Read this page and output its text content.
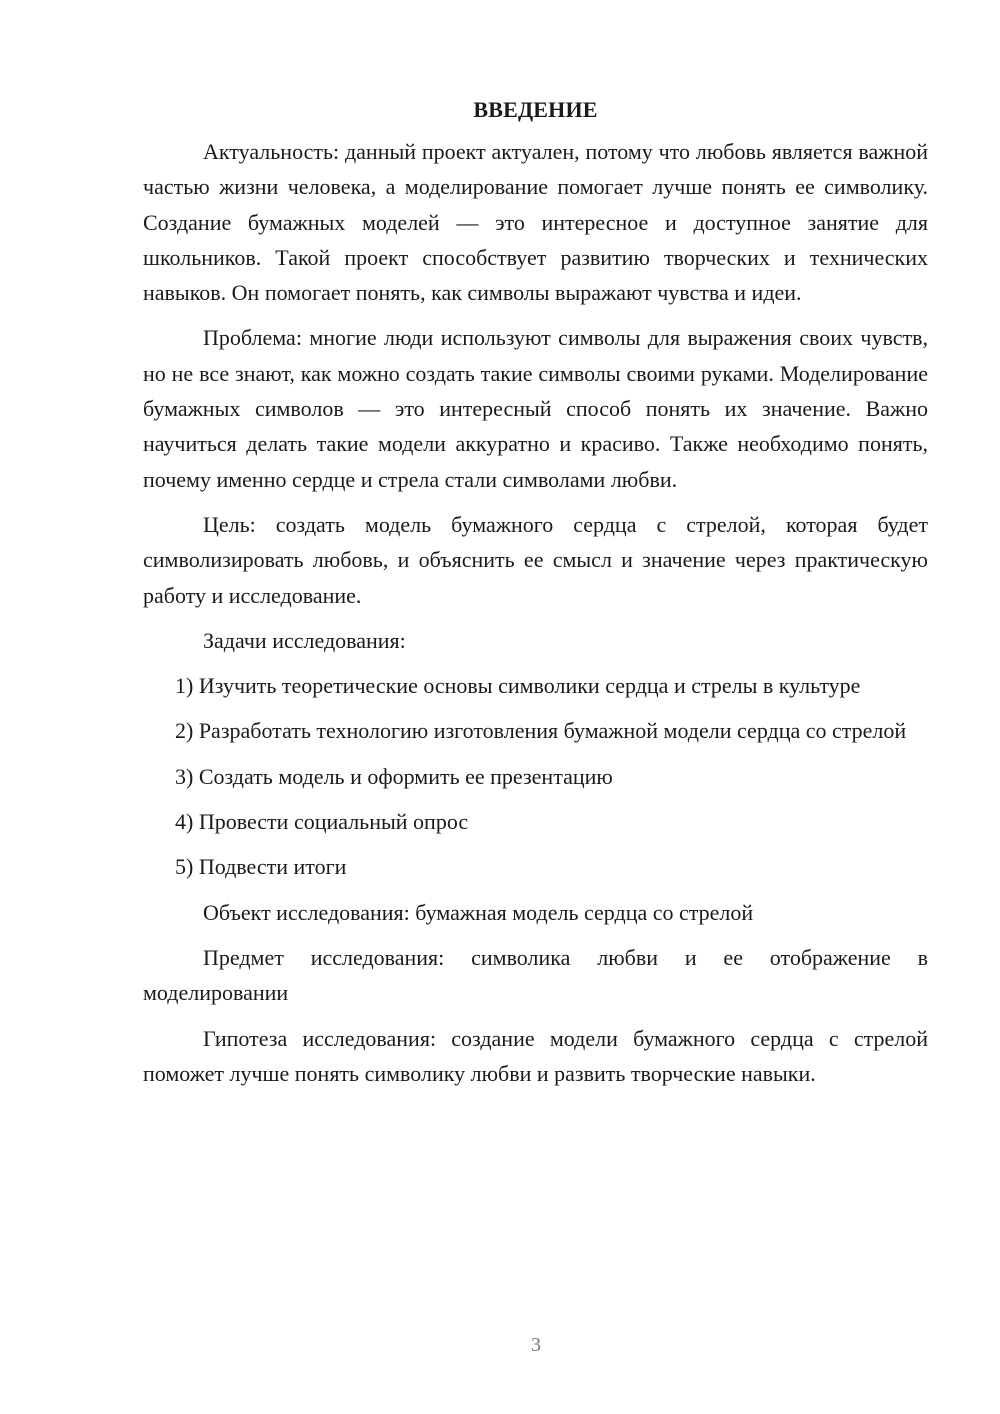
ВВЕДЕНИЕ

Актуальность: данный проект актуален, потому что любовь является важной частью жизни человека, а моделирование помогает лучше понять ее символику. Создание бумажных моделей — это интересное и доступное занятие для школьников. Такой проект способствует развитию творческих и технических навыков. Он помогает понять, как символы выражают чувства и идеи.

Проблема: многие люди используют символы для выражения своих чувств, но не все знают, как можно создать такие символы своими руками. Моделирование бумажных символов — это интересный способ понять их значение. Важно научиться делать такие модели аккуратно и красиво. Также необходимо понять, почему именно сердце и стрела стали символами любви.

Цель: создать модель бумажного сердца с стрелой, которая будет символизировать любовь, и объяснить ее смысл и значение через практическую работу и исследование.

Задачи исследования:

1) Изучить теоретические основы символики сердца и стрелы в культуре

2) Разработать технологию изготовления бумажной модели сердца со стрелой

3) Создать модель и оформить ее презентацию

4) Провести социальный опрос

5) Подвести итоги

Объект исследования: бумажная модель сердца со стрелой

Предмет исследования: символика любви и ее отображение в моделировании

Гипотеза исследования: создание модели бумажного сердца с стрелой поможет лучше понять символику любви и развить творческие навыки.

3
